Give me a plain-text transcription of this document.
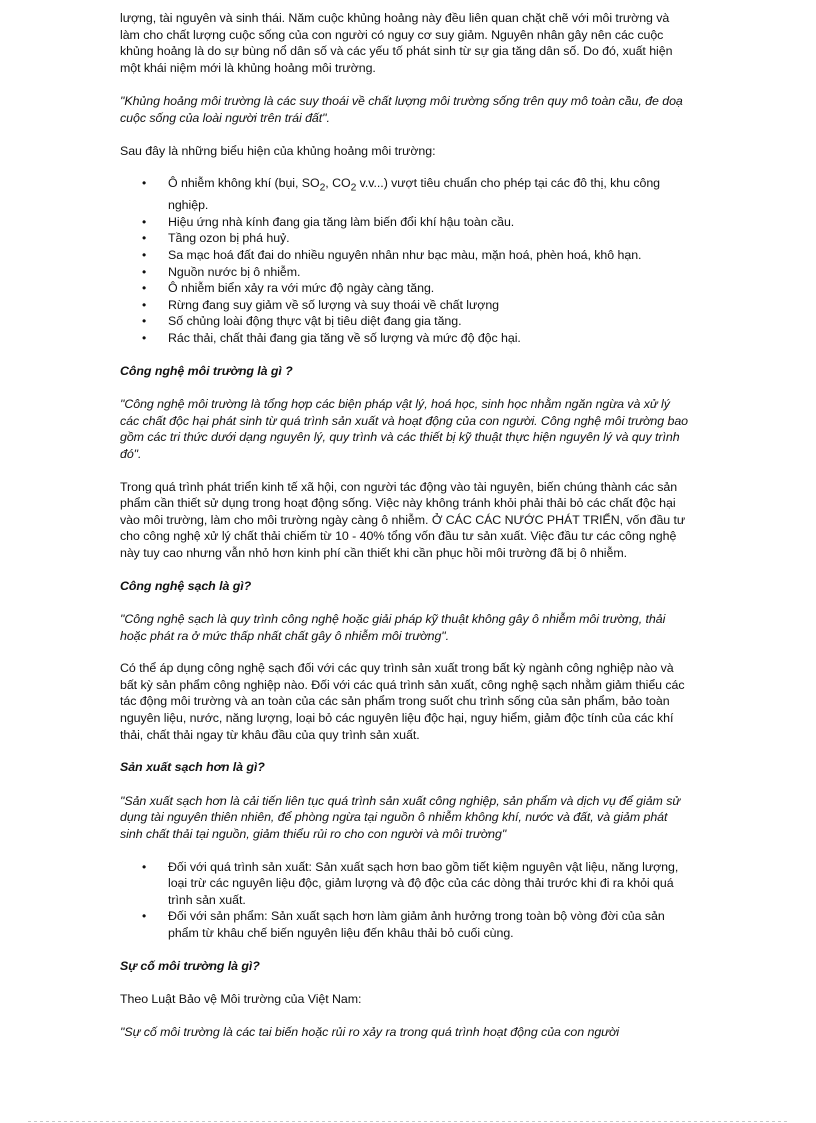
lượng, tài nguyên và sinh thái. Năm cuộc khủng hoảng này đều liên quan chặt chẽ với môi trường và làm cho chất lượng cuộc sống của con người có nguy cơ suy giảm. Nguyên nhân gây nên các cuộc khủng hoảng là do sự bùng nổ dân số và các yếu tố phát sinh từ sự gia tăng dân số. Do đó, xuất hiện một khái niệm mới là khủng hoảng môi trường.

"Khủng hoảng môi trường là các suy thoái về chất lượng môi trường sống trên quy mô toàn cầu, đe doạ cuộc sống của loài người trên trái đất".

Sau đây là những biểu hiện của khủng hoảng môi trường:

• Ô nhiễm không khí (bụi, $SO_2$, $CO_2$ v.v...) vượt tiêu chuẩn cho phép tại các đô thị, khu công nghiệp.
• Hiệu ứng nhà kính đang gia tăng làm biến đổi khí hậu toàn cầu.
• Tầng ozon bị phá huỷ.
• Sa mạc hoá đất đai do nhiều nguyên nhân như bạc màu, mặn hoá, phèn hoá, khô hạn.
• Nguồn nước bị ô nhiễm.
• Ô nhiễm biển xảy ra với mức độ ngày càng tăng.
• Rừng đang suy giảm về số lượng và suy thoái về chất lượng
• Số chủng loài động thực vật bị tiêu diệt đang gia tăng.
• Rác thải, chất thải đang gia tăng về số lượng và mức độ độc hại.

Công nghệ môi trường là gì ?

"Công nghệ môi trường là tổng hợp các biện pháp vật lý, hoá học, sinh học nhằm ngăn ngừa và xử lý các chất độc hại phát sinh từ quá trình sản xuất và hoạt động của con người. Công nghệ môi trường bao gồm các tri thức dưới dạng nguyên lý, quy trình và các thiết bị kỹ thuật thực hiện nguyên lý và quy trình đó".

Trong quá trình phát triển kinh tế xã hội, con người tác động vào tài nguyên, biến chúng thành các sản phẩm cần thiết sử dụng trong hoạt động sống. Việc này không tránh khỏi phải thải bỏ các chất độc hại vào môi trường, làm cho môi trường ngày càng ô nhiễm. Ở CÁC CÁC NƯỚC PHÁT TRIỂN, vốn đầu tư cho công nghệ xử lý chất thải chiếm từ 10 - 40% tổng vốn đầu tư sản xuất. Việc đầu tư các công nghệ này tuy cao nhưng vẫn nhỏ hơn kinh phí cần thiết khi cần phục hồi môi trường đã bị ô nhiễm.

Công nghệ sạch là gì?

"Công nghệ sạch là quy trình công nghệ hoặc giải pháp kỹ thuật không gây ô nhiễm môi trường, thải hoặc phát ra ở mức thấp nhất chất gây ô nhiễm môi trường".

Có thể áp dụng công nghệ sạch đối với các quy trình sản xuất trong bất kỳ ngành công nghiệp nào và bất kỳ sản phẩm công nghiệp nào. Đối với các quá trình sản xuất, công nghệ sạch nhằm giảm thiểu các tác động môi trường và an toàn của các sản phẩm trong suốt chu trình sống của sản phẩm, bảo toàn nguyên liệu, nước, năng lượng, loại bỏ các nguyên liệu độc hại, nguy hiểm, giảm độc tính của các khí thải, chất thải ngay từ khâu đầu của quy trình sản xuất.

Sản xuất sạch hơn là gì?

"Sản xuất sạch hơn là cải tiến liên tục quá trình sản xuất công nghiệp, sản phẩm và dịch vụ để giảm sử dụng tài nguyên thiên nhiên, để phòng ngừa tại nguồn ô nhiễm không khí, nước và đất, và giảm phát sinh chất thải tại nguồn, giảm thiểu rủi ro cho con người và môi trường"

• Đối với quá trình sản xuất: Sản xuất sạch hơn bao gồm tiết kiệm nguyên vật liệu, năng lượng, loại trừ các nguyên liệu độc, giảm lượng và độ độc của các dòng thải trước khi đi ra khỏi quá trình sản xuất.
• Đối với sản phẩm: Sản xuất sạch hơn làm giảm ảnh hưởng trong toàn bộ vòng đời của sản phẩm từ khâu chế biến nguyên liệu đến khâu thải bỏ cuối cùng.

Sự cố môi trường là gì?

Theo Luật Bảo vệ Môi trường của Việt Nam:

"Sự cố môi trường là các tai biến hoặc rủi ro xảy ra trong quá trình hoạt động của con người
